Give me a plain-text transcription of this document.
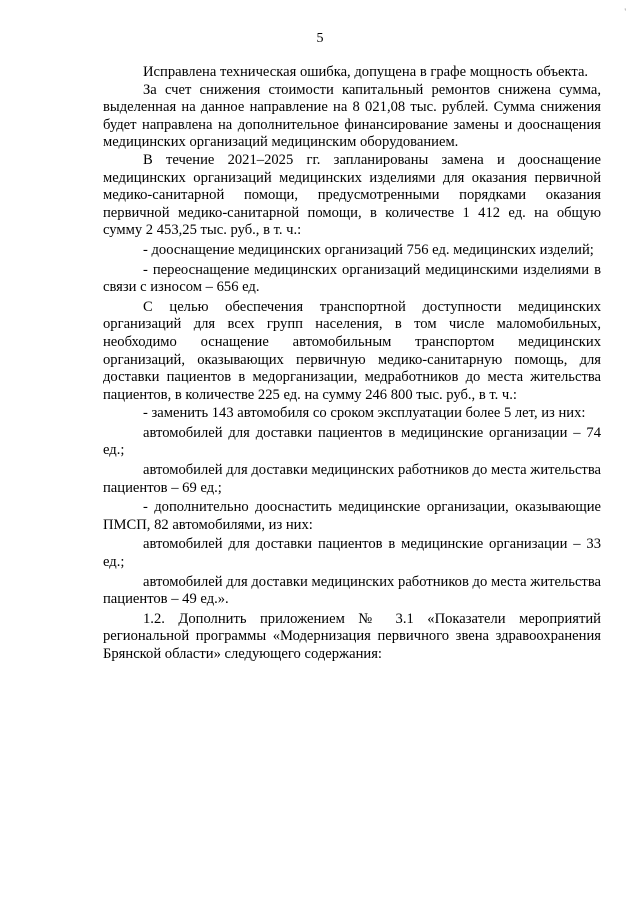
'
5

Исправлена техническая ошибка, допущена в графе мощность объекта.

За счет снижения стоимости капитальный ремонтов снижена сумма, выделенная на данное направление на 8 021,08 тыс. рублей. Сумма снижения будет направлена на дополнительное финансирование замены и дооснащения медицинских организаций медицинским оборудованием.

В течение 2021–2025 гг. запланированы замена и дооснащение медицинских организаций медицинских изделиями для оказания первичной медико-санитарной помощи, предусмотренными порядками оказания первичной медико-санитарной помощи, в количестве 1 412 ед. на общую сумму 2 453,25 тыс. руб., в т. ч.:

- дооснащение медицинских организаций 756 ед. медицинских изделий;

- переоснащение медицинских организаций медицинскими изделиями в связи с износом – 656 ед.

С целью обеспечения транспортной доступности медицинских организаций для всех групп населения, в том числе маломобильных, необходимо оснащение автомобильным транспортом медицинских организаций, оказывающих первичную медико-санитарную помощь, для доставки пациентов в медорганизации, медработников до места жительства пациентов, в количестве 225 ед. на сумму 246 800 тыс. руб., в т. ч.:

- заменить 143 автомобиля со сроком эксплуатации более 5 лет, из них:

автомобилей для доставки пациентов в медицинские организации – 74 ед.;

автомобилей для доставки медицинских работников до места жительства пациентов – 69 ед.;

- дополнительно дооснастить медицинские организации, оказывающие ПМСП, 82 автомобилями, из них:

автомобилей для доставки пациентов в медицинские организации – 33 ед.;

автомобилей для доставки медицинских работников до места жительства пациентов – 49 ед.».

1.2. Дополнить приложением № 3.1 «Показатели мероприятий региональной программы «Модернизация первичного звена здравоохранения Брянской области» следующего содержания:
